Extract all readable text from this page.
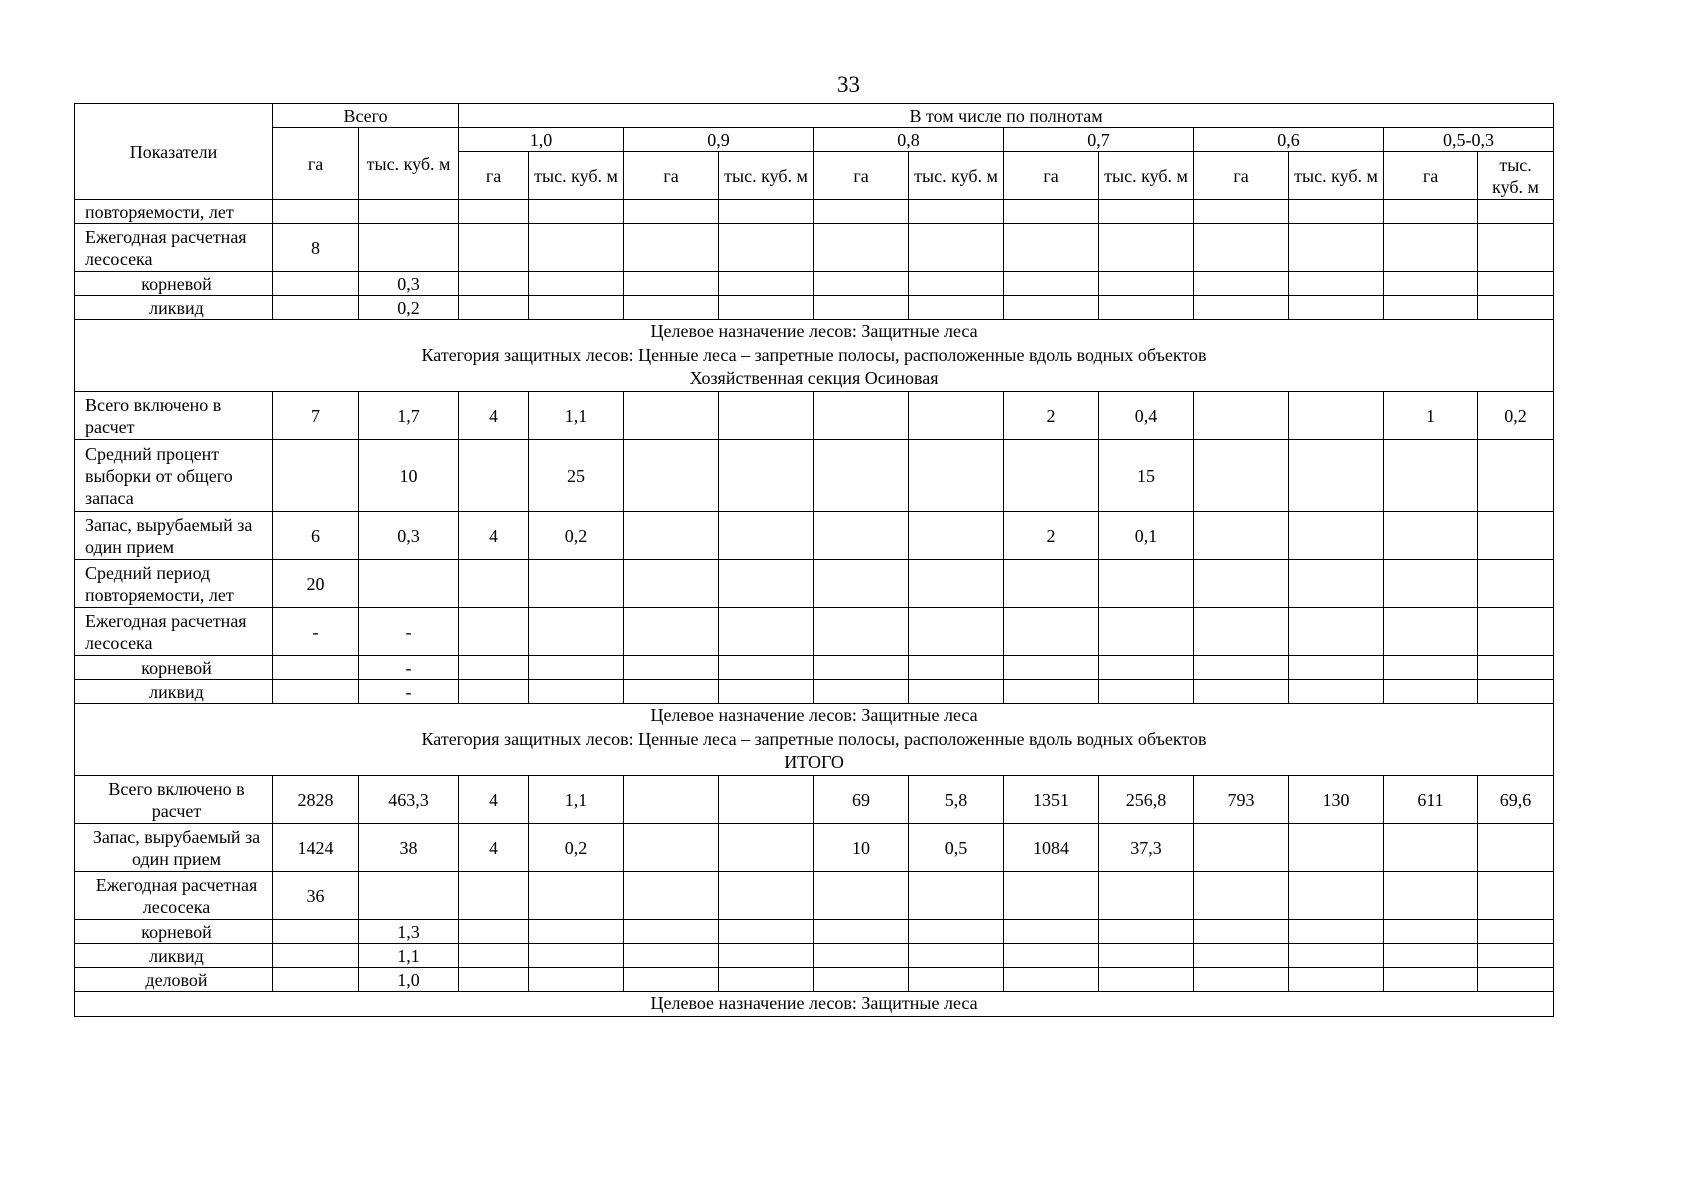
33
Показатели	Всего		В том числе по полнотам											
	га	тыс. куб. м	1,0		0,9		0,8		0,7		0,6		0,5-0,3	
			га	тыс. куб. м	га	тыс. куб. м	га	тыс. куб. м	га	тыс. куб. м	га	тыс. куб. м	га	тыс. куб. м
повторяемости, лет														
Ежегодная расчетная лесосека	8													
корневой		0,3												
ликвид		0,2												

Целевое назначение лесов: Защитные леса
Категория защитных лесов: Ценные леса – запретные полосы, расположенные вдоль водных объектов
Хозяйственная секция Осиновая														

Всего включено в расчет	7	1,7	4	1,1					2	0,4			1	0,2
Средний процент выборки от общего запаса		10		25						15				
Запас, вырубаемый за один прием	6	0,3	4	0,2					2	0,1				
Средний период повторяемости, лет	20													
Ежегодная расчетная лесосека	-	-												
корневой		-												
ликвид		-												

Целевое назначение лесов: Защитные леса
Категория защитных лесов: Ценные леса – запретные полосы, расположенные вдоль водных объектов
ИТОГО														

Всего включено в расчет	2828	463,3	4	1,1			69	5,8	1351	256,8	793	130	611	69,6
Запас, вырубаемый за один прием	1424	38	4	0,2			10	0,5	1084	37,3				
Ежегодная расчетная лесосека	36													
корневой		1,3												
ликвид		1,1												
деловой		1,0												

Целевое назначение лесов: Защитные леса														
